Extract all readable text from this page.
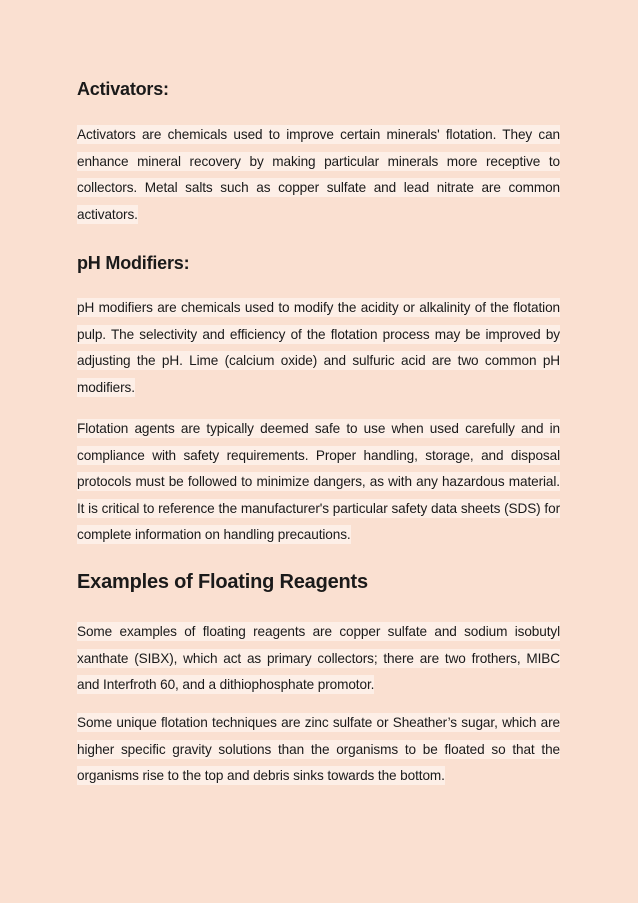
Activators:

Activators are chemicals used to improve certain minerals' flotation. They can enhance mineral recovery by making particular minerals more receptive to collectors. Metal salts such as copper sulfate and lead nitrate are common activators.

pH Modifiers:

pH modifiers are chemicals used to modify the acidity or alkalinity of the flotation pulp. The selectivity and efficiency of the flotation process may be improved by adjusting the pH. Lime (calcium oxide) and sulfuric acid are two common pH modifiers.

Flotation agents are typically deemed safe to use when used carefully and in compliance with safety requirements. Proper handling, storage, and disposal protocols must be followed to minimize dangers, as with any hazardous material. It is critical to reference the manufacturer's particular safety data sheets (SDS) for complete information on handling precautions.

Examples of Floating Reagents

Some examples of floating reagents are copper sulfate and sodium isobutyl xanthate (SIBX), which act as primary collectors; there are two frothers, MIBC and Interfroth 60, and a dithiophosphate promotor.

Some unique flotation techniques are zinc sulfate or Sheather’s sugar, which are higher specific gravity solutions than the organisms to be floated so that the organisms rise to the top and debris sinks towards the bottom.
